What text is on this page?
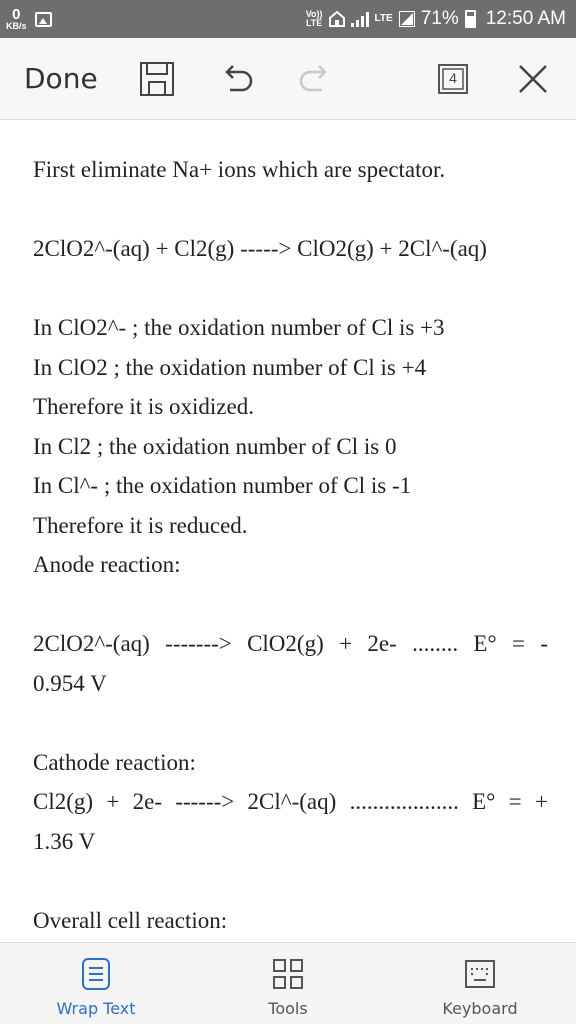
0
KB/s
Vo))
LTE	LTE 71% 12:50 AM
Done	4
First eliminate Na+ ions which are spectator.
2ClO2^-(aq) + Cl2(g) -----> ClO2(g) + 2Cl^-(aq)
In ClO2^- ; the oxidation number of Cl is +3
In ClO2 ; the oxidation number of Cl is +4
Therefore it is oxidized.
In Cl2 ; the oxidation number of Cl is 0
In Cl^- ; the oxidation number of Cl is -1
Therefore it is reduced.
Anode reaction:
2ClO2^-(aq) -------> ClO2(g) + 2e- ........ E° = -
0.954 V
Cathode reaction:
Cl2(g) + 2e- ------> 2Cl^-(aq) ................... E° = +
1.36 V
Overall cell reaction:
Wrap Text	Tools	Keyboard
